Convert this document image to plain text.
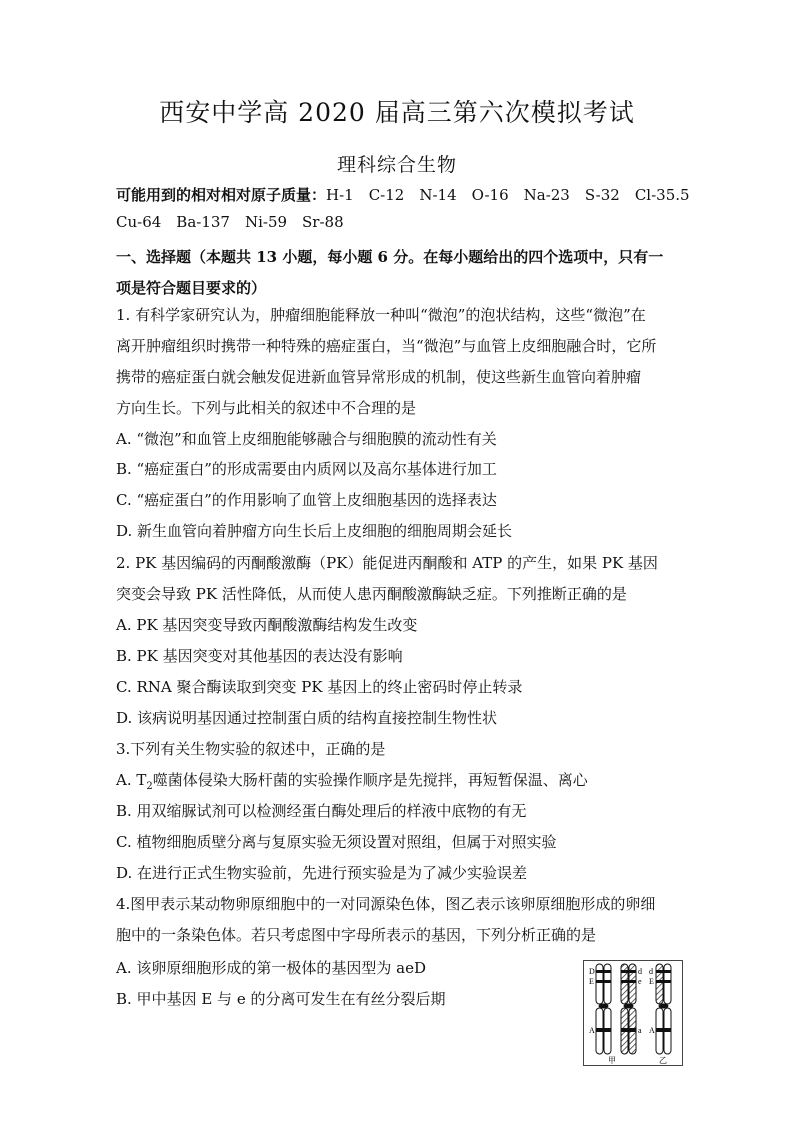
西安中学高 2020 届高三第六次模拟考试
理科综合生物
可能用到的相对相对原子质量：H-1　C-12　N-14　O-16　Na-23　S-32　Cl-35.5
Cu-64　Ba-137　Ni-59　Sr-88
一、选择题（本题共 13 小题，每小题 6 分。在每小题给出的四个选项中，只有一
项是符合题目要求的）
1. 有科学家研究认为，肿瘤细胞能释放一种叫“微泡”的泡状结构，这些“微泡”在
离开肿瘤组织时携带一种特殊的癌症蛋白，当“微泡”与血管上皮细胞融合时，它所
携带的癌症蛋白就会触发促进新血管异常形成的机制，使这些新生血管向着肿瘤
方向生长。下列与此相关的叙述中不合理的是
A. “微泡”和血管上皮细胞能够融合与细胞膜的流动性有关
B. “癌症蛋白”的形成需要由内质网以及高尔基体进行加工
C. “癌症蛋白”的作用影响了血管上皮细胞基因的选择表达
D. 新生血管向着肿瘤方向生长后上皮细胞的细胞周期会延长
2. PK 基因编码的丙酮酸激酶（PK）能促进丙酮酸和 ATP 的产生，如果 PK 基因
突变会导致 PK 活性降低，从而使人患丙酮酸激酶缺乏症。下列推断正确的是
A. PK 基因突变导致丙酮酸激酶结构发生改变
B. PK 基因突变对其他基因的表达没有影响
C. RNA 聚合酶读取到突变 PK 基因上的终止密码时停止转录
D. 该病说明基因通过控制蛋白质的结构直接控制生物性状
3.下列有关生物实验的叙述中，正确的是
A. $T_2$噬菌体侵染大肠杆菌的实验操作顺序是先搅拌，再短暂保温、离心
B. 用双缩脲试剂可以检测经蛋白酶处理后的样液中底物的有无
C. 植物细胞质壁分离与复原实验无须设置对照组，但属于对照实验
D. 在进行正式生物实验前，先进行预实验是为了减少实验误差
4.图甲表示某动物卵原细胞中的一对同源染色体，图乙表示该卵原细胞形成的卵细
胞中的一条染色体。若只考虑图中字母所表示的基因，下列分析正确的是
A. 该卵原细胞形成的第一极体的基因型为 aeD
B. 甲中基因 E 与 e 的分离可发生在有丝分裂后期
D
E
A
d
e
a
d
E
A
甲	乙
